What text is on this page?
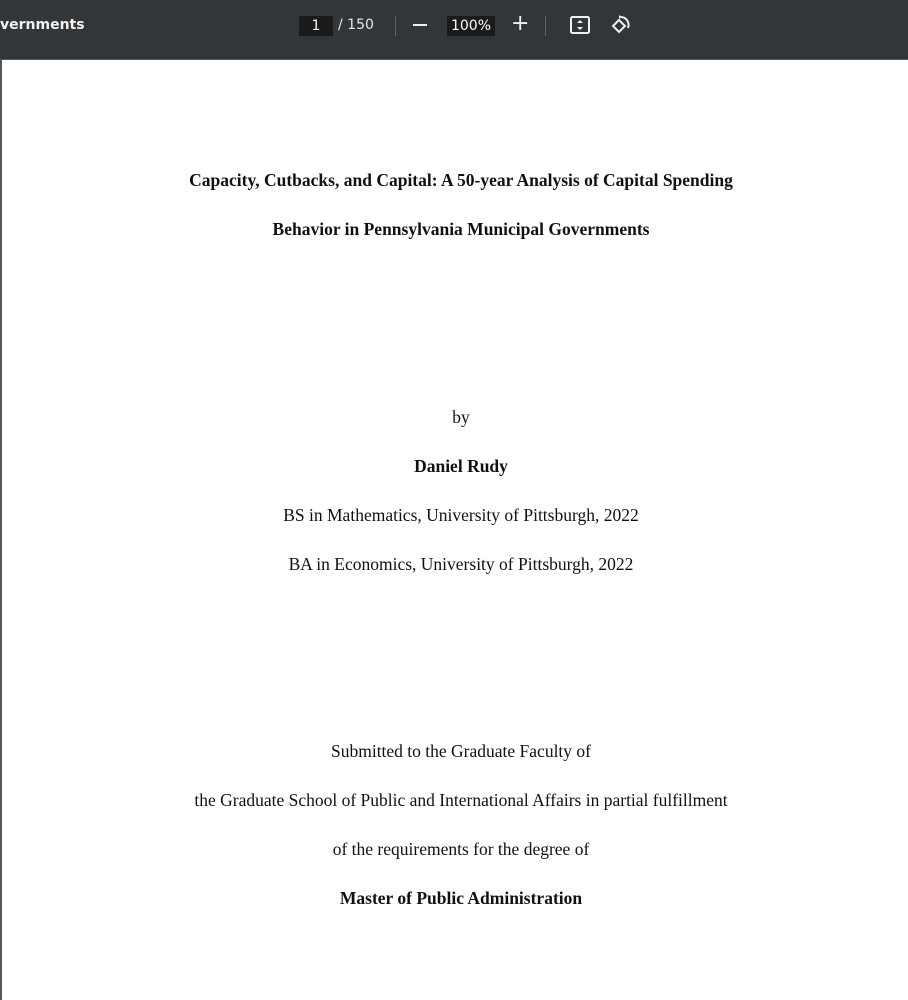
vernments	1	/ 150	100% +
Capacity, Cutbacks, and Capital: A 50-year Analysis of Capital Spending
Behavior in Pennsylvania Municipal Governments
by
Daniel Rudy
BS in Mathematics, University of Pittsburgh, 2022
BA in Economics, University of Pittsburgh, 2022
Submitted to the Graduate Faculty of
the Graduate School of Public and International Affairs in partial fulfillment
of the requirements for the degree of
Master of Public Administration
